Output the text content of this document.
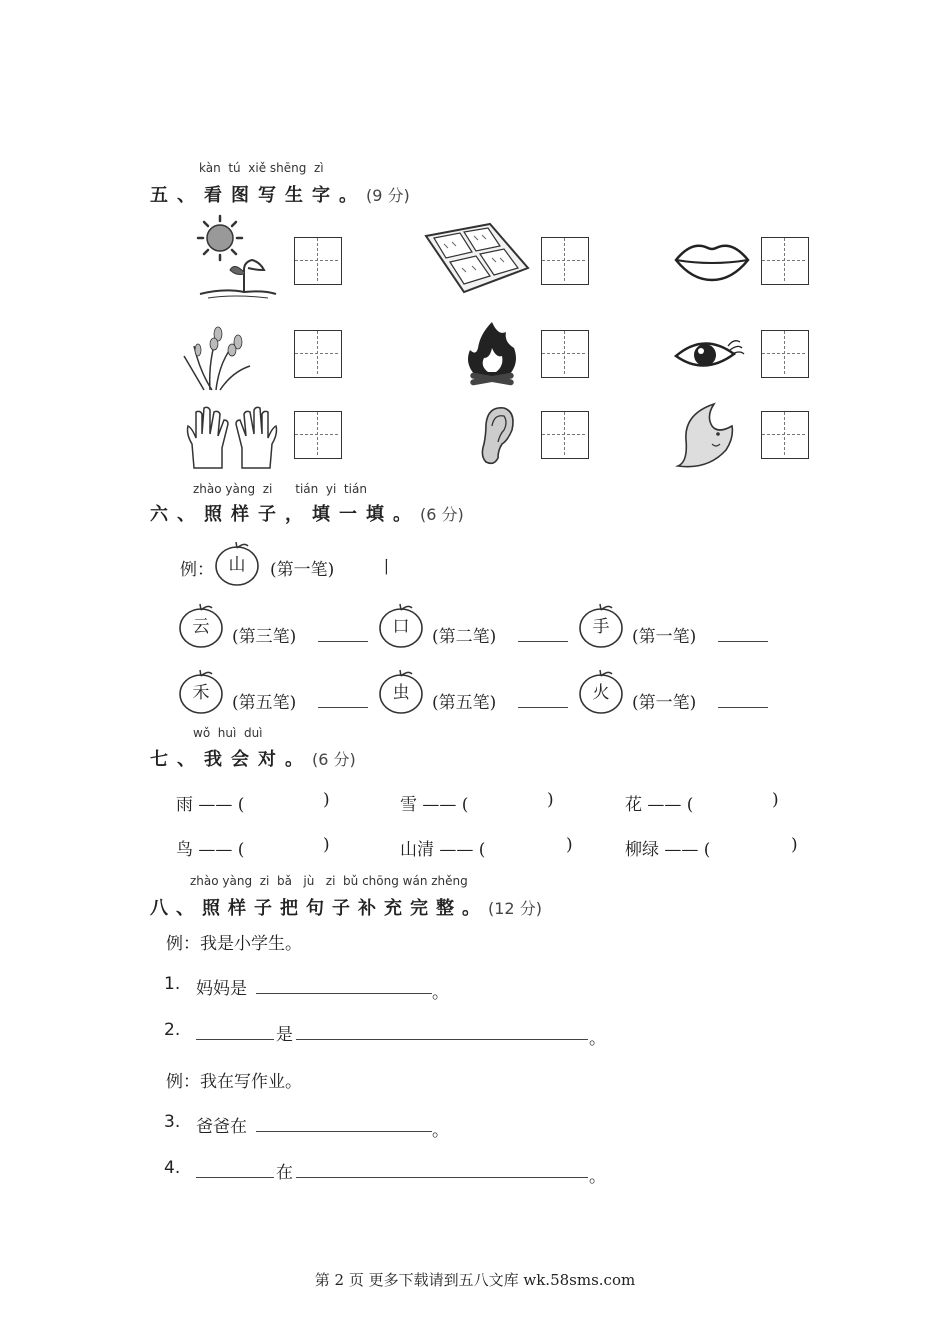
kàn  tú  xiě shēng  zì
五、看图写生字。(9 分)
zhào yàng  zi      tián  yi  tián
六、照样子，填一填。(6 分)
例： 山	(第一笔)	丨
云	(第三笔)	口	(第二笔)	手	(第一笔)
禾	(第五笔)	虫	(第五笔)	火	(第一笔)
wǒ  huì  duì
七、我会对。(6 分)
雨 —— (	)	雪 —— (	)	花 —— (	)
鸟 —— (	)	山清 —— (	)	柳绿 —— (	)
zhào yàng  zi  bǎ   jù   zi  bǔ chōng wán zhěng
八、照样子把句子补充完整。(12 分)
例：我是小学生。
1. 妈妈是	。
2.	是	。
例：我在写作业。
3. 爸爸在	。
4.	在	。
第 2 页 更多下载请到五八文库 wk.58sms.com
